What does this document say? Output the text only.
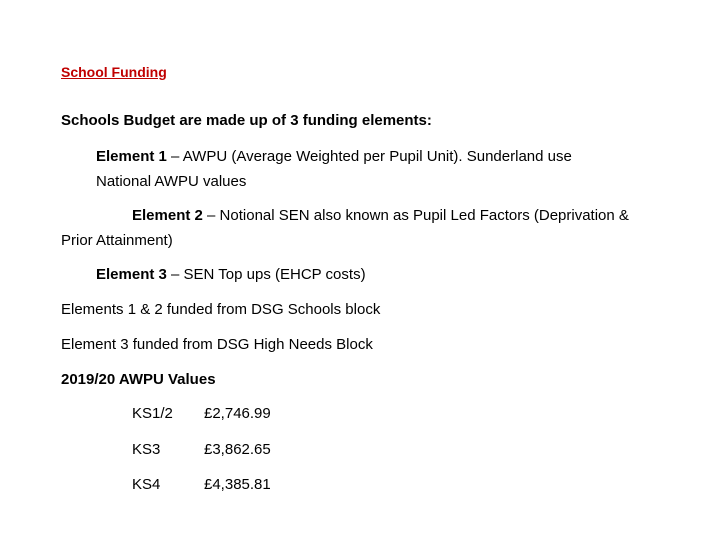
School Funding
Schools Budget are made up of 3 funding elements:
Element 1 – AWPU (Average Weighted per Pupil Unit). Sunderland use
National AWPU values
Element 2 – Notional SEN also known as Pupil Led Factors (Deprivation &
Prior Attainment)
Element 3 – SEN Top ups (EHCP costs)
Elements 1 & 2 funded from DSG Schools block
Element 3 funded from DSG High Needs Block
2019/20 AWPU Values
KS1/2 £2,746.99
KS3	£3,862.65
KS4	£4,385.81
